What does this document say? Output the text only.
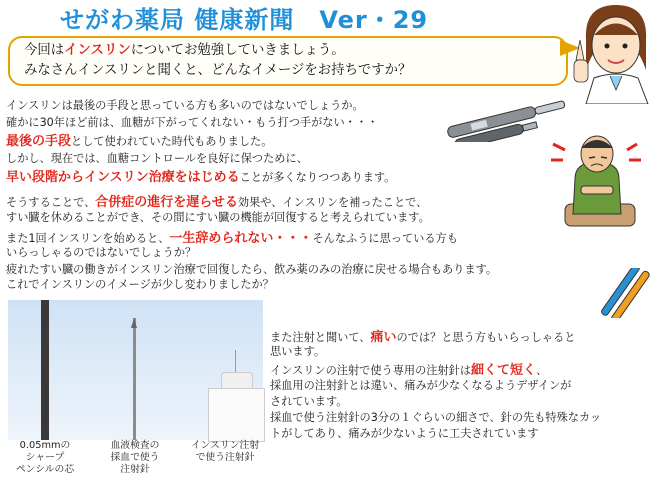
せがわ薬局 健康新聞　Ver・29
今回はインスリンについてお勉強していきましょう。
みなさんインスリンと聞くと、どんなイメージをお持ちですか？
インスリンは最後の手段と思っている方も多いのではないでしょうか。
確かに30年ほど前は、血糖が下がってくれない・もう打つ手がない・・・
最後の手段として使われていた時代もありました。
しかし、現在では、血糖コントロールを良好に保つために、
早い段階からインスリン治療をはじめることが多くなりつつあります。
そうすることで、合併症の進行を遅らせる効果や、インスリンを補ったことで、
すい臓を休めることができ、その間にすい臓の機能が回復すると考えられています。
また1回インスリンを始めると、一生辞められない・・・そんなふうに思っている方も
いらっしゃるのではないでしょうか？
疲れたすい臓の働きがインスリン治療で回復したら、飲み薬のみの治療に戻せる場合もあります。
これでインスリンのイメージが少し変わりましたか？
0.05mmの
シャープ
ペンシルの芯
血液検査の
採血で使う
注射針
インスリン注射
で使う注射針
また注射と聞いて、痛いのでは？と思う方もいらっしゃると
思います。
インスリンの注射で使う専用の注射針は細くて短く、
採血用の注射針とは違い、痛みが少なくなるようデザインが
されています。
採血で使う注射針の3分の１ぐらいの細さで、針の先も特殊なカッ
トがしてあり、痛みが少ないように工夫されています
